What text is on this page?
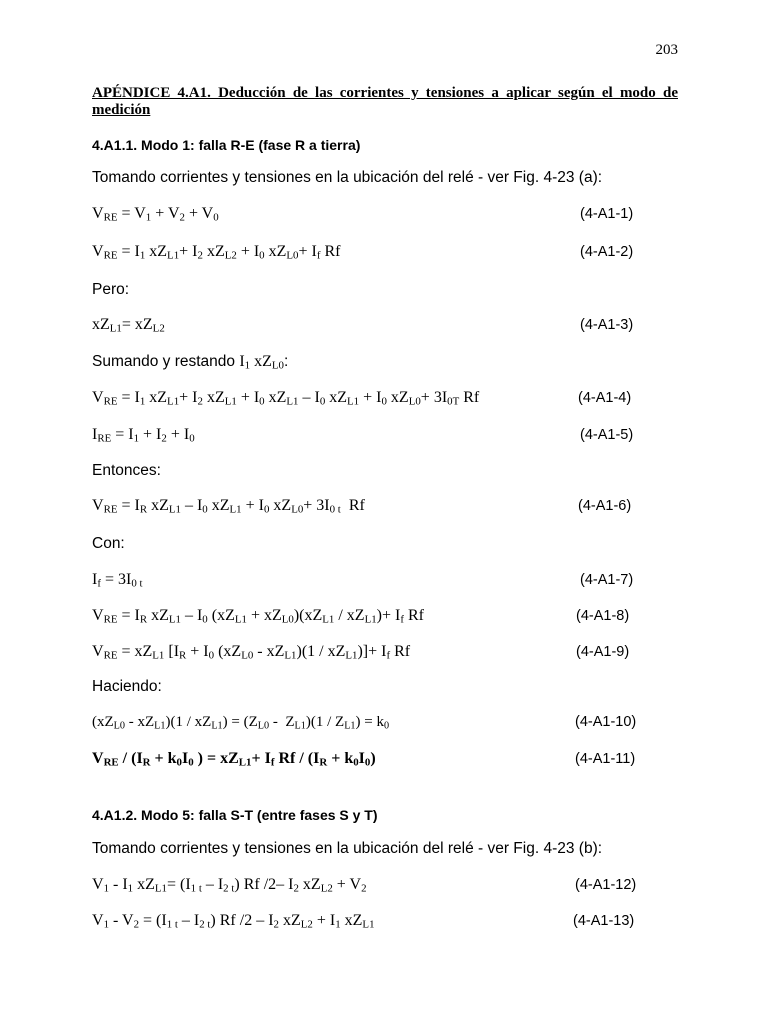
203
APÉNDICE 4.A1. Deducción de las corrientes y tensiones a aplicar según el modo de medición
4.A1.1. Modo 1: falla R-E (fase R a tierra)
Tomando corrientes y tensiones en la ubicación del relé - ver Fig. 4-23 (a):
$V_{RE} = V_1 + V_2 + V_0$	(4-A1-1)
$V_{RE} = I_1$ $xZ_{L1}+ I_2$ $xZ_{L2} + I_0$ $xZ_{L0}+ I_f$ Rf	(4-A1-2)
Pero:
$xZ_{L1}= xZ_{L2}$	(4-A1-3)
Sumando y restando $I_1$ $xZ_{L0}$:
$V_{RE} = I_1$ $xZ_{L1}+ I_2$ $xZ_{L1} + I_0$ $xZ_{L1} - I_0$ $xZ_{L1} + I_0$ $xZ_{L0}+ 3I_{0T}$ Rf	(4-A1-4)
$I_{RE} = I_1 + I_2 + I_0$	(4-A1-5)
Entonces:
$V_{RE} = I_R$ $xZ_{L1} - I_0$ $xZ_{L1} + I_0$ $xZ_{L0}+ 3I_{0 t}$  Rf	(4-A1-6)
Con:
$I_f = 3I_{0 t}$	(4-A1-7)
$V_{RE} = I_R$ $xZ_{L1} - I_0$ $(xZ_{L1} + xZ_{L0})(xZ_{L1} / xZ_{L1})+ I_f$ Rf	(4-A1-8)
$V_{RE} = xZ_{L1}$ [$I_R + I_0$ $(xZ_{L0} - xZ_{L1})(1 / xZ_{L1})]+ I_f$ Rf	(4-A1-9)
Haciendo:
$(xZ_{L0} - xZ_{L1})(1 / xZ_{L1}) = (Z_{L0} - Z_{L1})(1 / Z_{L1}) = k_0$	(4-A1-10)
$V_{RE} / (I_R + k_0I_0$ ) = $xZ_{L1}+ I_f$ $Rf / (I_R + k_0I_0)$	(4-A1-11)
4.A1.2. Modo 5: falla S-T (entre fases S y T)
Tomando corrientes y tensiones en la ubicación del relé - ver Fig. 4-23 (b):
$V_1 - I_1$ $xZ_{L1}= (I_{1 t} - I_{2 t})$ Rf /2– $I_2$ $xZ_{L2} + V_2$	(4-A1-12)
$V_1 - V_2 = (I_{1 t} - I_{2 t})$ Rf $/2 - I_2$ $xZ_{L2} + I_1$ $xZ_{L1}$	(4-A1-13)
